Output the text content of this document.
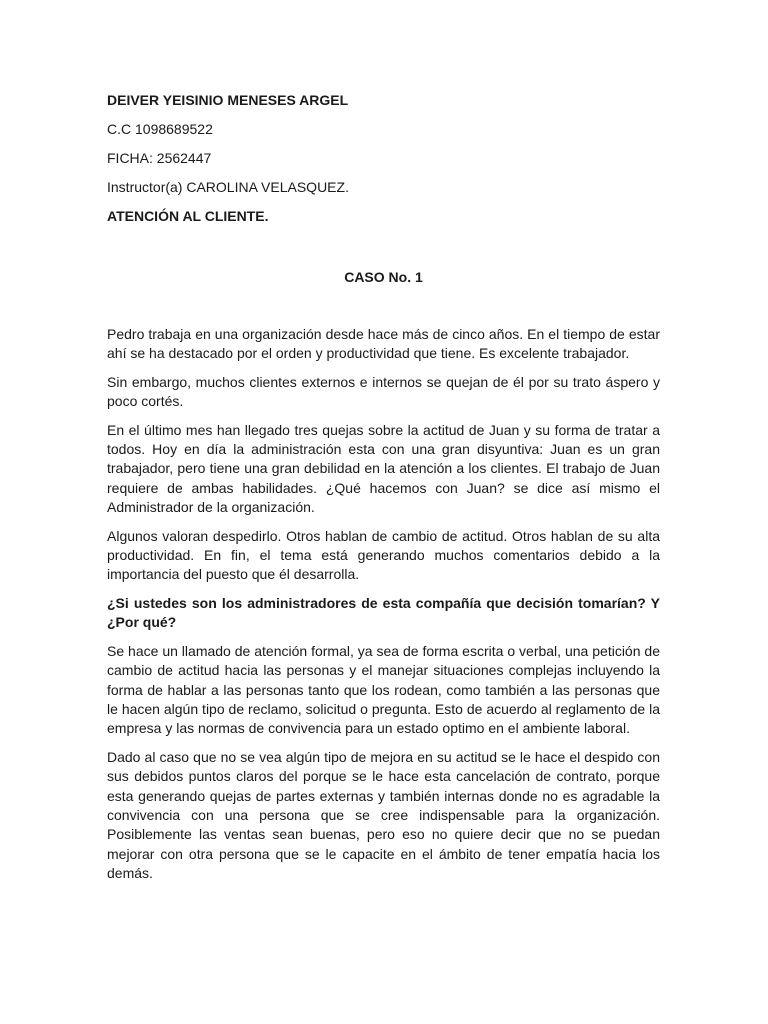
DEIVER YEISINIO MENESES ARGEL
C.C 1098689522
FICHA: 2562447
Instructor(a) CAROLINA VELASQUEZ.
ATENCIÓN AL CLIENTE.
CASO No. 1

Pedro trabaja en una organización desde hace más de cinco años. En el tiempo de estar ahí se ha destacado por el orden y productividad que tiene. Es excelente trabajador.

Sin embargo, muchos clientes externos e internos se quejan de él por su trato áspero y poco cortés.

En el último mes han llegado tres quejas sobre la actitud de Juan y su forma de tratar a todos. Hoy en día la administración esta con una gran disyuntiva: Juan es un gran trabajador, pero tiene una gran debilidad en la atención a los clientes. El trabajo de Juan requiere de ambas habilidades. ¿Qué hacemos con Juan? se dice así mismo el Administrador de la organización.

Algunos valoran despedirlo. Otros hablan de cambio de actitud. Otros hablan de su alta productividad. En fin, el tema está generando muchos comentarios debido a la importancia del puesto que él desarrolla.

¿Si ustedes son los administradores de esta compañía que decisión tomarían? Y ¿Por qué?

Se hace un llamado de atención formal, ya sea de forma escrita o verbal, una petición de cambio de actitud hacia las personas y el manejar situaciones complejas incluyendo la forma de hablar a las personas tanto que los rodean, como también a las personas que le hacen algún tipo de reclamo, solicitud o pregunta. Esto de acuerdo al reglamento de la empresa y las normas de convivencia para un estado optimo en el ambiente laboral.

Dado al caso que no se vea algún tipo de mejora en su actitud se le hace el despido con sus debidos puntos claros del porque se le hace esta cancelación de contrato, porque esta generando quejas de partes externas y también internas donde no es agradable la convivencia con una persona que se cree indispensable para la organización. Posiblemente las ventas sean buenas, pero eso no quiere decir que no se puedan mejorar con otra persona que se le capacite en el ámbito de tener empatía hacia los demás.
